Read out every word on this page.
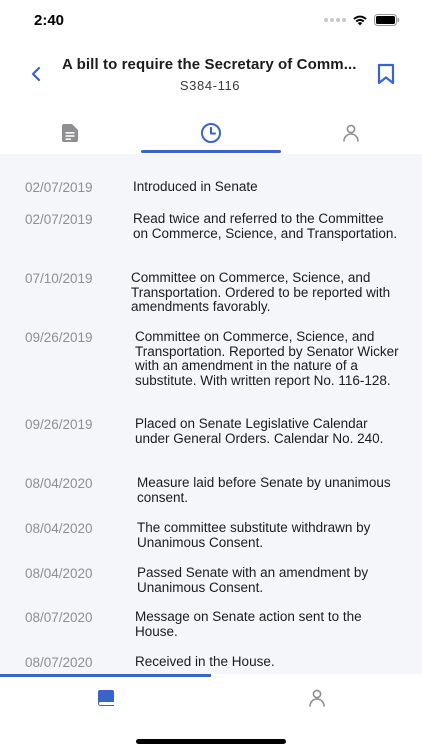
2:40
A bill to require the Secretary of Comm...
S384-116
02/07/2019	Introduced in Senate
02/07/2019	Read twice and referred to the Committee on Commerce, Science, and Transportation.
07/10/2019	Committee on Commerce, Science, and Transportation. Ordered to be reported with amendments favorably.
09/26/2019	Committee on Commerce, Science, and Transportation. Reported by Senator Wicker with an amendment in the nature of a substitute. With written report No. 116-128.
09/26/2019	Placed on Senate Legislative Calendar under General Orders. Calendar No. 240.
08/04/2020	Measure laid before Senate by unanimous consent.
08/04/2020	The committee substitute withdrawn by Unanimous Consent.
08/04/2020	Passed Senate with an amendment by Unanimous Consent.
08/07/2020	Message on Senate action sent to the House.
08/07/2020	Received in the House.
